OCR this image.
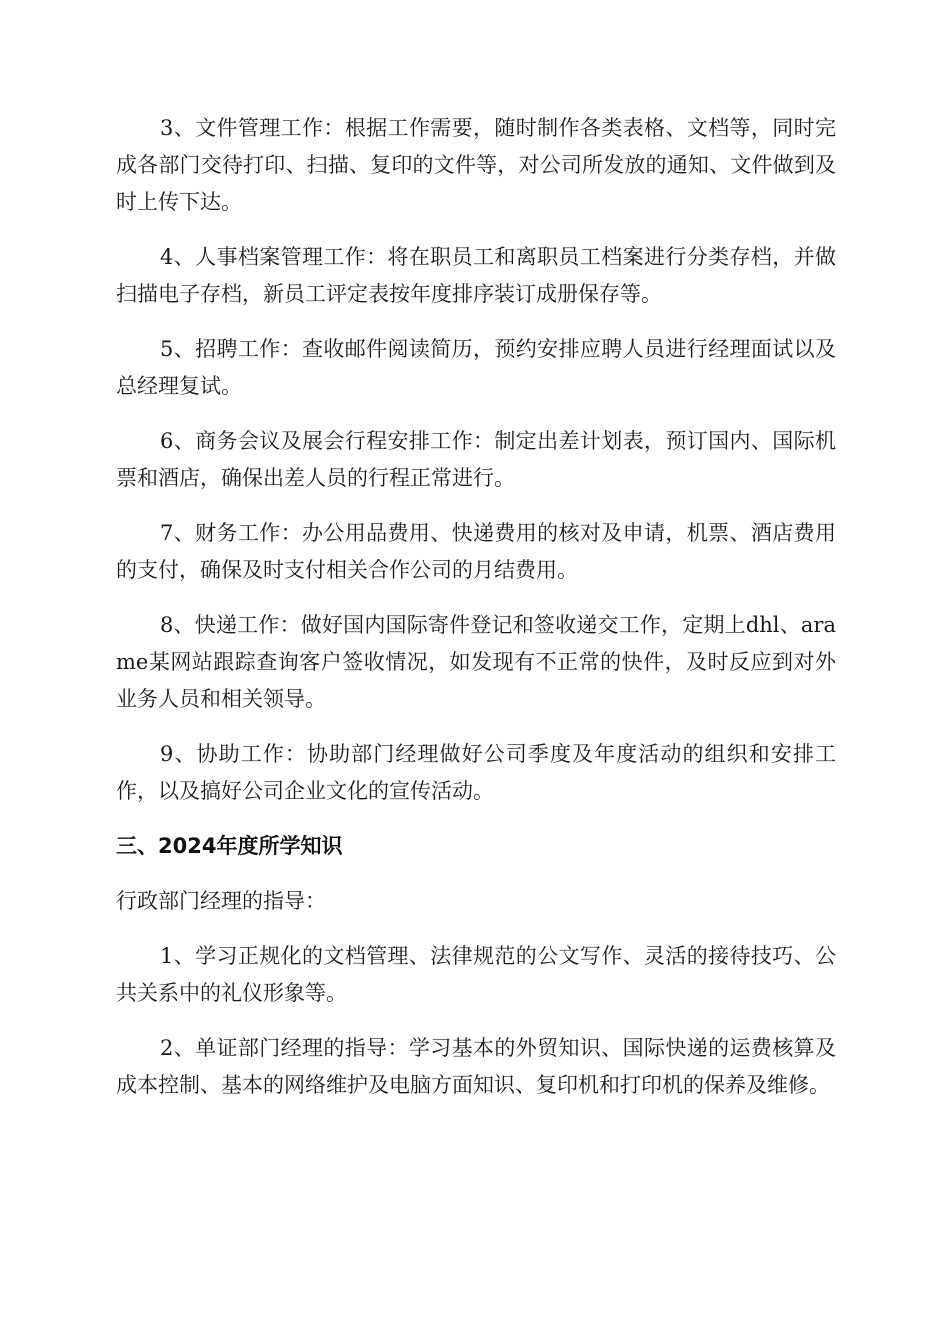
3、文件管理工作：根据工作需要，随时制作各类表格、文档等，同时完成各部门交待打印、扫描、复印的文件等，对公司所发放的通知、文件做到及时上传下达。

4、人事档案管理工作：将在职员工和离职员工档案进行分类存档，并做扫描电子存档，新员工评定表按年度排序装订成册保存等。

5、招聘工作：查收邮件阅读简历，预约安排应聘人员进行经理面试以及总经理复试。

6、商务会议及展会行程安排工作：制定出差计划表，预订国内、国际机票和酒店，确保出差人员的行程正常进行。

7、财务工作：办公用品费用、快递费用的核对及申请，机票、酒店费用的支付，确保及时支付相关合作公司的月结费用。

8、快递工作：做好国内国际寄件登记和签收递交工作，定期上dhl、arame某网站跟踪查询客户签收情况，如发现有不正常的快件，及时反应到对外业务人员和相关领导。

9、协助工作：协助部门经理做好公司季度及年度活动的组织和安排工作，以及搞好公司企业文化的宣传活动。

三、2024年度所学知识

行政部门经理的指导：

1、学习正规化的文档管理、法律规范的公文写作、灵活的接待技巧、公共关系中的礼仪形象等。

2、单证部门经理的指导：学习基本的外贸知识、国际快递的运费核算及成本控制、基本的网络维护及电脑方面知识、复印机和打印机的保养及维修。
